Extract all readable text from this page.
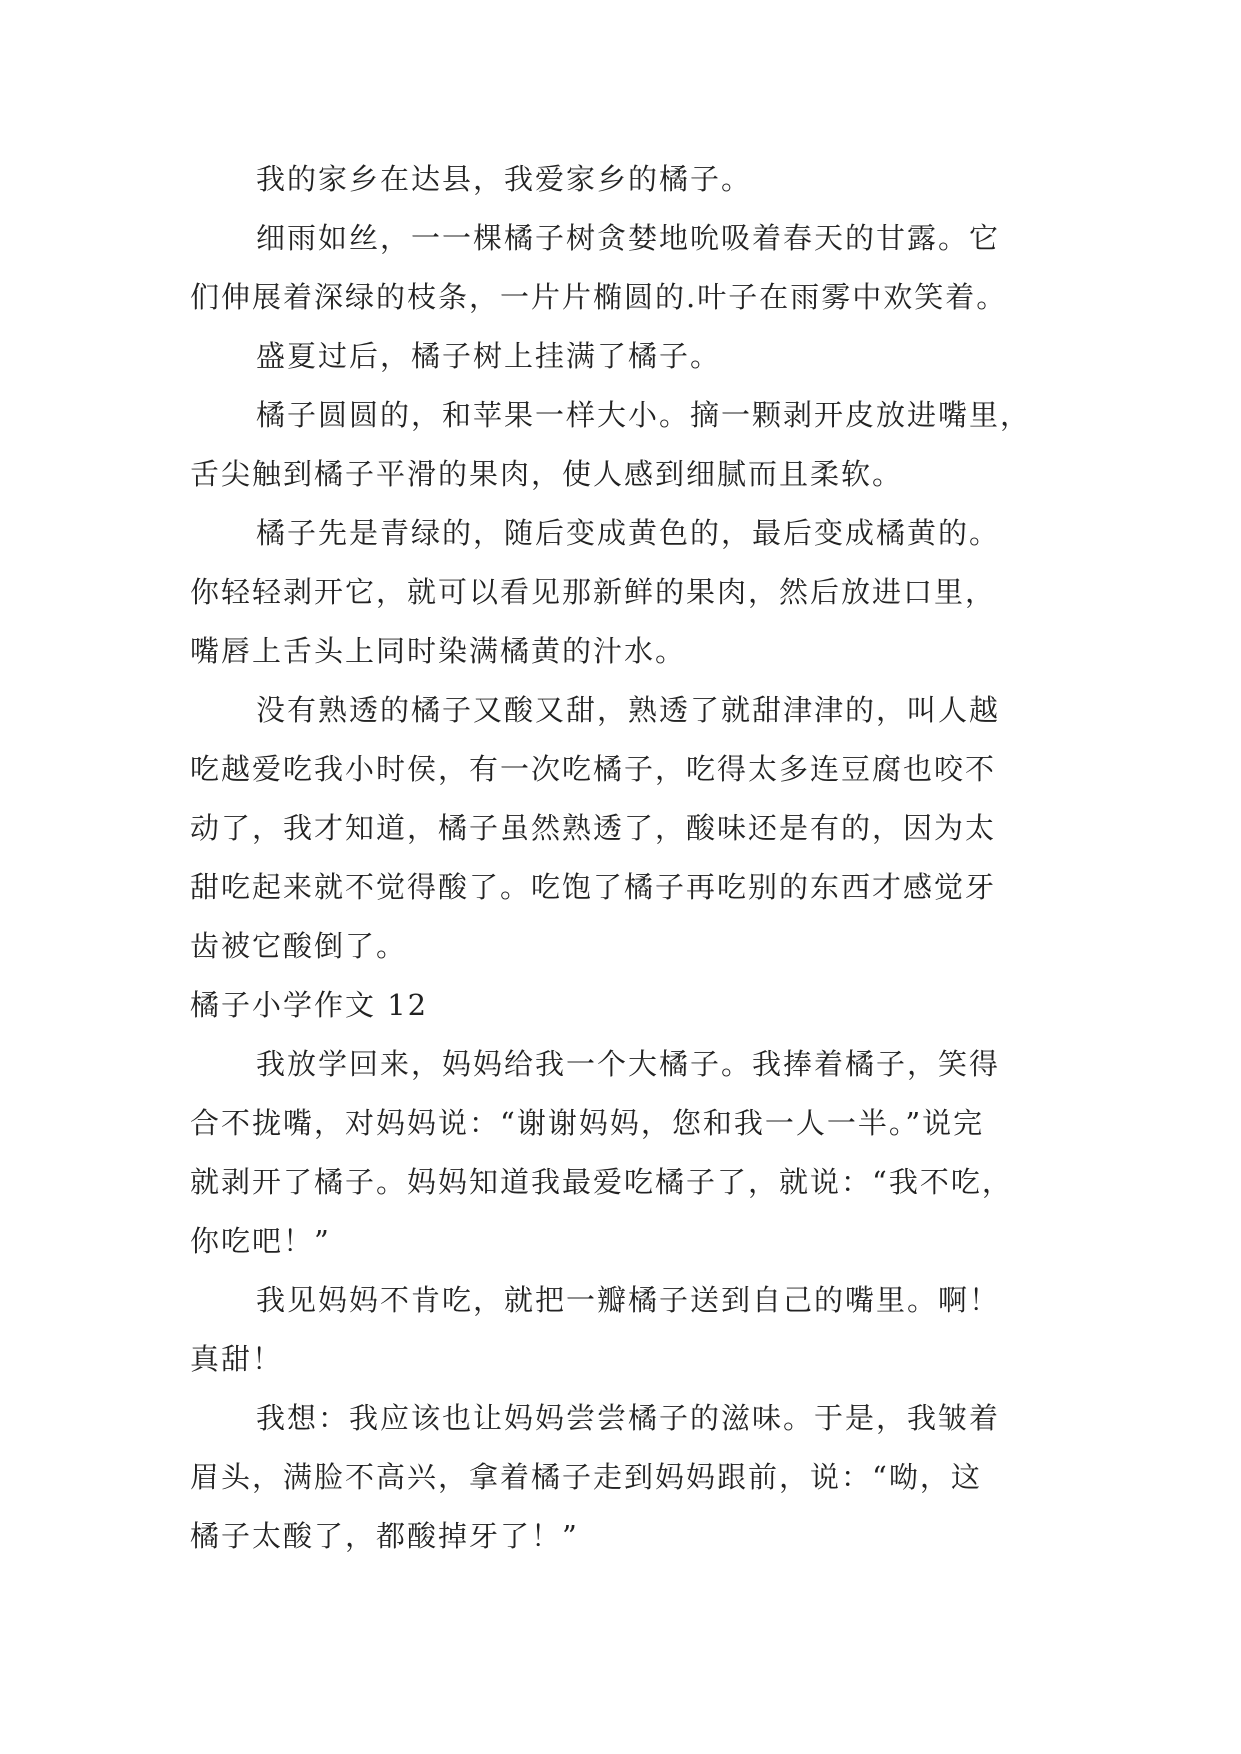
我的家乡在达县，我爱家乡的橘子。
细雨如丝，一一棵橘子树贪婪地吮吸着春天的甘露。它
们伸展着深绿的枝条，一片片椭圆的.叶子在雨雾中欢笑着。
盛夏过后，橘子树上挂满了橘子。
橘子圆圆的，和苹果一样大小。摘一颗剥开皮放进嘴里，
舌尖触到橘子平滑的果肉，使人感到细腻而且柔软。
橘子先是青绿的，随后变成黄色的，最后变成橘黄的。
你轻轻剥开它，就可以看见那新鲜的果肉，然后放进口里，
嘴唇上舌头上同时染满橘黄的汁水。
没有熟透的橘子又酸又甜，熟透了就甜津津的，叫人越
吃越爱吃我小时侯，有一次吃橘子，吃得太多连豆腐也咬不
动了，我才知道，橘子虽然熟透了，酸味还是有的，因为太
甜吃起来就不觉得酸了。吃饱了橘子再吃别的东西才感觉牙
齿被它酸倒了。
橘子小学作文 12
我放学回来，妈妈给我一个大橘子。我捧着橘子，笑得
合不拢嘴，对妈妈说：“谢谢妈妈，您和我一人一半。”说完
就剥开了橘子。妈妈知道我最爱吃橘子了，就说：“我不吃，
你吃吧！”
我见妈妈不肯吃，就把一瓣橘子送到自己的嘴里。啊！
真甜！
我想：我应该也让妈妈尝尝橘子的滋味。于是，我皱着
眉头，满脸不高兴，拿着橘子走到妈妈跟前，说：“呦，这
橘子太酸了，都酸掉牙了！”
